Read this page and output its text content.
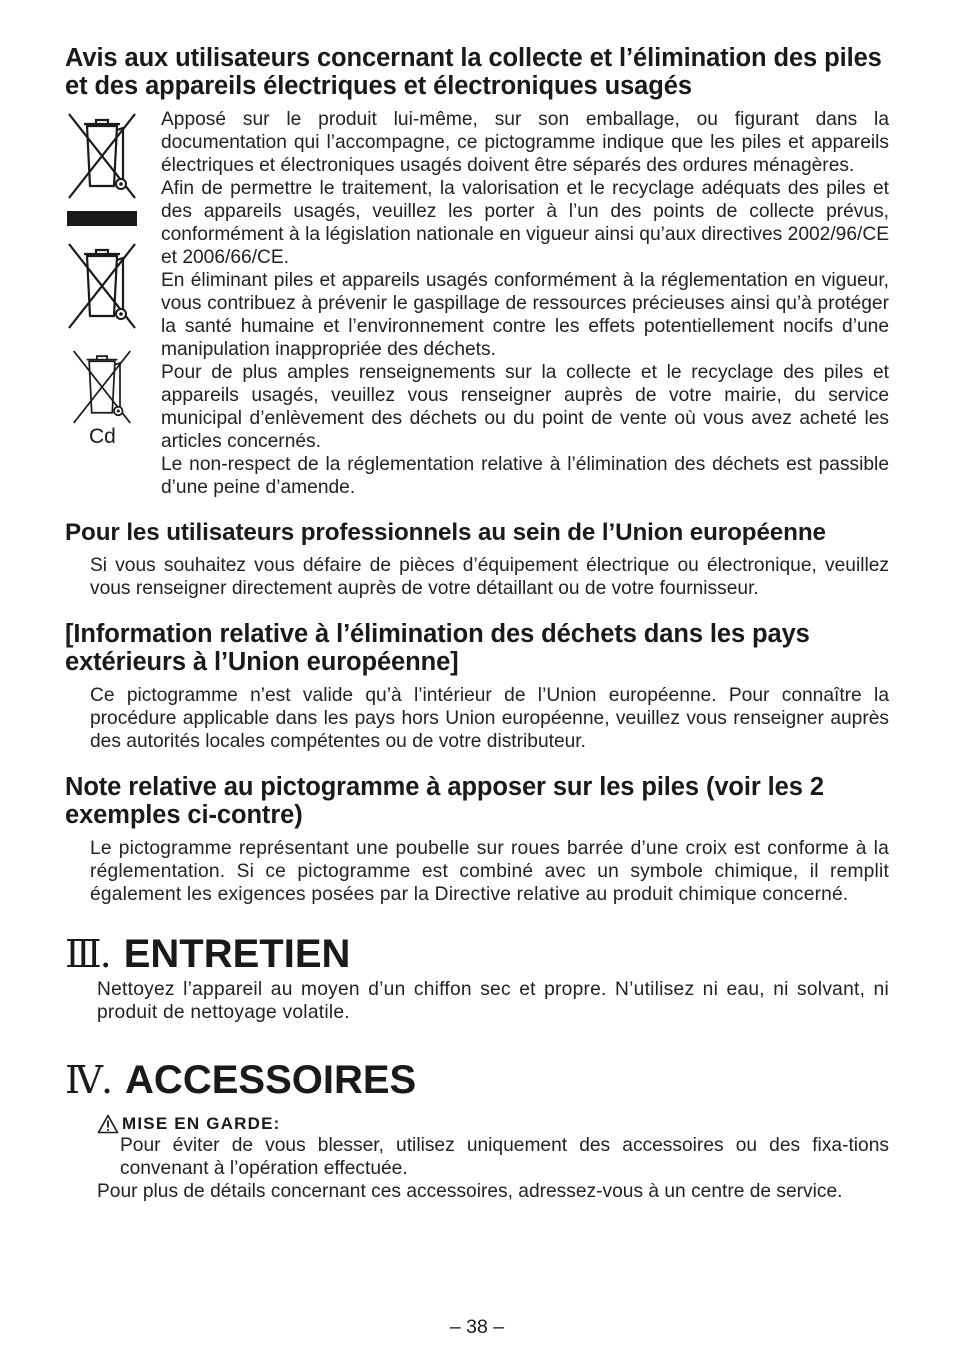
Avis aux utilisateurs concernant la collecte et l’élimination des piles et des appareils électriques et électroniques usagés
Cd

Apposé sur le produit lui-même, sur son emballage, ou figurant dans la documentation qui l’accompagne, ce pictogramme indique que les piles et appareils électriques et électroniques usagés doivent être séparés des ordures ménagères.

Afin de permettre le traitement, la valorisation et le recyclage adéquats des piles et des appareils usagés, veuillez les porter à l’un des points de collecte prévus, conformément à la législation nationale en vigueur ainsi qu’aux directives 2002/96/CE et 2006/66/CE.

En éliminant piles et appareils usagés conformément à la réglementation en vigueur, vous contribuez à prévenir le gaspillage de ressources précieuses ainsi qu’à protéger la santé humaine et l’environnement contre les effets potentiellement nocifs d’une manipulation inappropriée des déchets.

Pour de plus amples renseignements sur la collecte et le recyclage des piles et appareils usagés, veuillez vous renseigner auprès de votre mairie, du service municipal d’enlèvement des déchets ou du point de vente où vous avez acheté les articles concernés.

Le non-respect de la réglementation relative à l’élimination des déchets est passible d’une peine d’amende.

Pour les utilisateurs professionnels au sein de l’Union européenne

Si vous souhaitez vous défaire de pièces d’équipement électrique ou électronique, veuillez vous renseigner directement auprès de votre détaillant ou de votre fournisseur.

[Information relative à l’élimination des déchets dans les pays extérieurs à l’Union européenne]

Ce pictogramme n’est valide qu’à l’intérieur de l’Union européenne. Pour connaître la procédure applicable dans les pays hors Union européenne, veuillez vous renseigner auprès des autorités locales compétentes ou de votre distributeur.

Note relative au pictogramme à apposer sur les piles (voir les 2 exemples ci-contre)

Le pictogramme représentant une poubelle sur roues barrée d’une croix est conforme à la réglementation. Si ce pictogramme est combiné avec un symbole chimique, il remplit également les exigences posées par la Directive relative au produit chimique concerné.

Ⅲ. ENTRETIEN

Nettoyez l’appareil au moyen d’un chiffon sec et propre. N’utilisez ni eau, ni solvant, ni produit de nettoyage volatile.

Ⅳ. ACCESSOIRES
MISE EN GARDE:

Pour éviter de vous blesser, utilisez uniquement des accessoires ou des fixa-tions convenant à l’opération effectuée.

Pour plus de détails concernant ces accessoires, adressez-vous à un centre de service.

– 38 –
